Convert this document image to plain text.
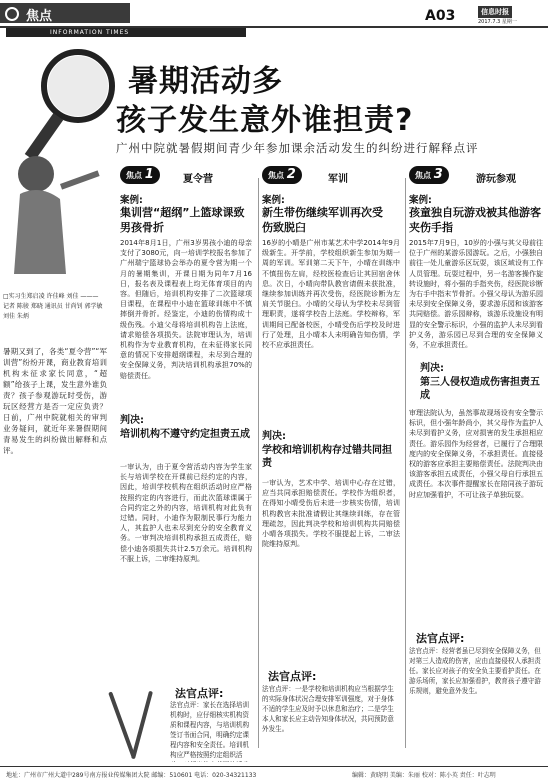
焦点
INFORMATION TIMES
A03	信息时报
2017.7.3 星期一
暑期活动多
孩子发生意外谁担责?
广州中院就暑假期间青少年参加课余活动发生的纠纷进行解释点评
□实习生郑启凌 许佳峰 刘佳 ——— 记者 陈骏 郑晓 通讯员 甘尚钊 郭学敏 刘佳 朱炳
暑期又到了，各类“夏令营”“军训营”纷纷开课，商业教育培训机构未征求家长同意，“超额”给孩子上课，发生意外谁负责？孩子参观游玩时受伤，游玩区经营方是否一定应负责？日前，广州中院就相关的审判业务疑问，就近年来暑假期间青易发生的纠纷做出解释和点评。
焦点 1	夏令营
案例:
集训营“超纲”上篮球课致男孩骨折
2014年8月1日，广州3岁男孩小迪的母亲支付了3080元，向一培训学校报名参加了广州瑞宁篮球协会举办的夏令营为期一个月的暑期集训，开课日期为同年7月16日，报名表及课程表上均无体育项目的内容。但随后，培训机构安排了二次篮球项目课程，在课程中小迪在篮球训练中不慎摔倒并骨折。经鉴定，小迪的伤情构成十级伤残。小迪父母将培训机构告上法庭，请求赔偿各项损失。法院审理认为，培训机构作为专业教育机构，在未征得家长同意的情况下安排超纲课程，未尽到合理的安全保障义务，判决培训机构承担70%的赔偿责任。
判决:
培训机构不遵守约定担责五成
一审认为，由于夏令营活动内容为学生家长与培训学校在开课前已经约定的内容，因此，培训学校机构在组织活动时应严格按照约定的内容进行，而此次篮球课属于合同约定之外的内容，培训机构对此负有过错。同时，小迪作为限制民事行为能力人，其监护人也未尽到充分的安全教育义务。一审判决培训机构承担五成责任，赔偿小迪各项损失共计2.5万余元。培训机构不服上诉，二审维持原判。
法官点评:
法官点评：家长在选择培训机构时，应仔细核实机构资质和课程内容，与培训机构签订书面合同，明确约定课程内容和安全责任。培训机构应严格按照约定组织活
焦点 2	军训
案例:
新生带伤继续军训再次受伤致脱臼
16岁的小晴是广州市某艺术中学2014年9月级新生。开学前，学校组织新生参加为期一周的军训。军训第二天下午，小晴在训练中不慎扭伤左肩，经校医检查后让其回宿舍休息。次日，小晴向带队教官请假未获批准，继续参加训练并再次受伤，经医院诊断为左肩关节脱臼。小晴的父母认为学校未尽到管理职责，遂将学校告上法庭。学校辩称，军训期间已配备校医，小晴受伤后学校及时进行了处理，且小晴本人未明确告知伤情，学校不应承担责任。
判决:
学校和培训机构存过错共同担责
一审认为，艺术中学、培训中心存在过错，应当共同承担赔偿责任。学校作为组织者，在得知小晴受伤后未进一步核实伤情，培训机构教官未批准请假让其继续训练，存在管理疏忽，因此判决学校和培训机构共同赔偿小晴各项损失。学校不服提起上诉，二审法院维持原判。
法官点评:
法官点评：一是学校和培训机构应当根据学生的实际身体状况合理安排军训强度，对于身体不适的学生应及时予以休息和治疗；二是学生本人和家长应主动告知身体状况，共同预防意外发生。
焦点 3	游玩参观
案例:
孩童独自玩游戏被其他游客夹伤手指
2015年7月9日，10岁的小强与其父母前往位于广州的某游乐园游玩。之后，小强独自前往一处儿童游乐区玩耍，该区域设有工作人员管理。玩耍过程中，另一名游客操作旋转设施时，将小强的手指夹伤，经医院诊断为右手中指末节骨折。小强父母认为游乐园未尽到安全保障义务，要求游乐园和该游客共同赔偿。游乐园辩称，该游乐设施设有明显的安全警示标识，小强的监护人未尽到看护义务，游乐园已尽到合理的安全保障义务，不应承担责任。
判决:
第三人侵权造成伤害担责五成
审理法院认为，虽然事故现场设有安全警示标识，但小强年龄尚小，其父母作为监护人未尽到看护义务，应对损害的发生承担相应责任。游乐园作为经营者，已履行了合理限度内的安全保障义务，不承担责任。直接侵权的游客应承担主要赔偿责任。法院判决由该游客承担五成责任，小强父母自行承担五成责任。本次事件提醒家长在陪同孩子游玩时应加强看护，不可让孩子单独玩耍。
法官点评:
法官点评：经营者虽已尽到安全保障义务，但对第三人造成的伤害，应由直接侵权人承担责任。家长应对孩子的安全负主要看护责任。在游乐场所，家长应加强看护，教育孩子遵守游乐规则，避免意外发生。
地址：广州市广州大道中289号南方报业传媒集团大院 邮编：510601 电话：020-34321133	编辑：黄晓明 美编：朱丽 校对：陈小英 责任：叶志明
